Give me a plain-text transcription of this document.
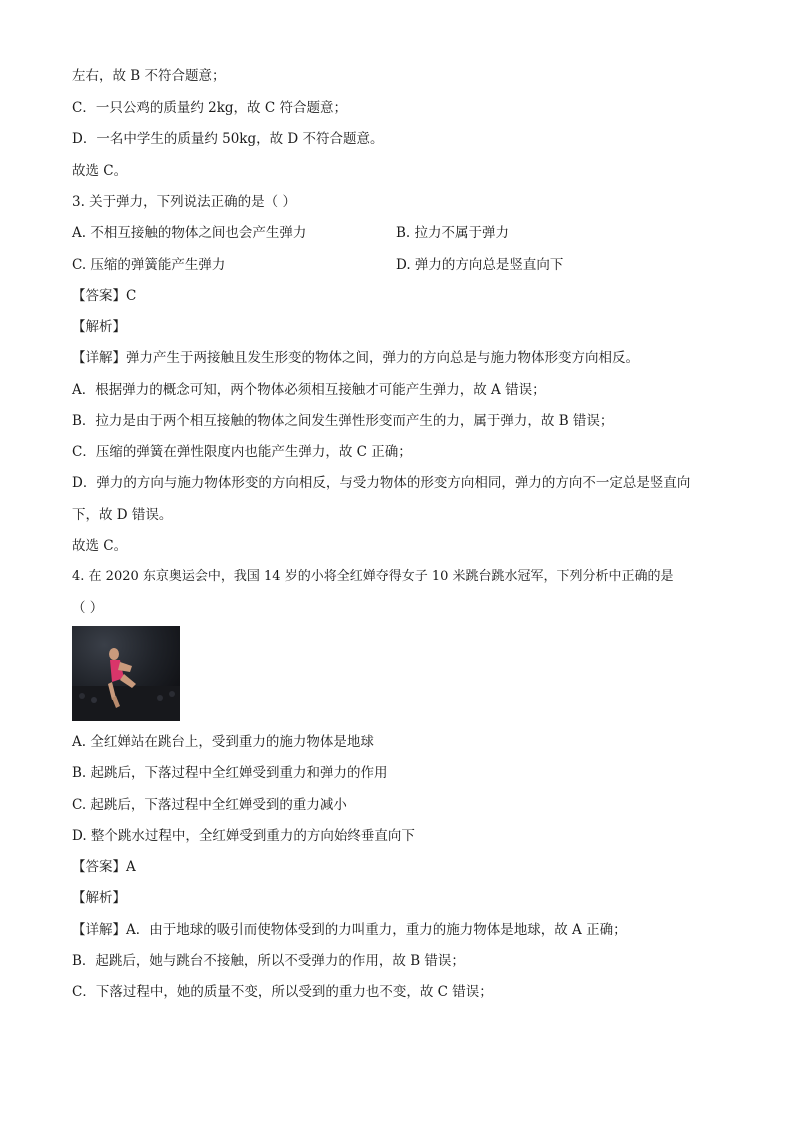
左右，故 B 不符合题意；
C．一只公鸡的质量约 2kg，故 C 符合题意；
D．一名中学生的质量约 50kg，故 D 不符合题意。
故选 C。
3. 关于弹力，下列说法正确的是（ ）
A. 不相互接触的物体之间也会产生弹力	B. 拉力不属于弹力
C. 压缩的弹簧能产生弹力	D. 弹力的方向总是竖直向下
【答案】C
【解析】
【详解】弹力产生于两接触且发生形变的物体之间，弹力的方向总是与施力物体形变方向相反。
A．根据弹力的概念可知，两个物体必须相互接触才可能产生弹力，故 A 错误；
B．拉力是由于两个相互接触的物体之间发生弹性形变而产生的力，属于弹力，故 B 错误；
C．压缩的弹簧在弹性限度内也能产生弹力，故 C 正确；
D．弹力的方向与施力物体形变的方向相反，与受力物体的形变方向相同，弹力的方向不一定总是竖直向
下，故 D 错误。
故选 C。
4. 在 2020 东京奥运会中，我国 14 岁的小将全红婵夺得女子 10 米跳台跳水冠军，下列分析中正确的是
（ ）
A. 全红婵站在跳台上，受到重力的施力物体是地球
B. 起跳后，下落过程中全红婵受到重力和弹力的作用
C. 起跳后，下落过程中全红婵受到的重力减小
D. 整个跳水过程中，全红婵受到重力的方向始终垂直向下
【答案】A
【解析】
【详解】A．由于地球的吸引而使物体受到的力叫重力，重力的施力物体是地球，故 A 正确；
B．起跳后，她与跳台不接触，所以不受弹力的作用，故 B 错误；
C．下落过程中，她的质量不变，所以受到的重力也不变，故 C 错误；
